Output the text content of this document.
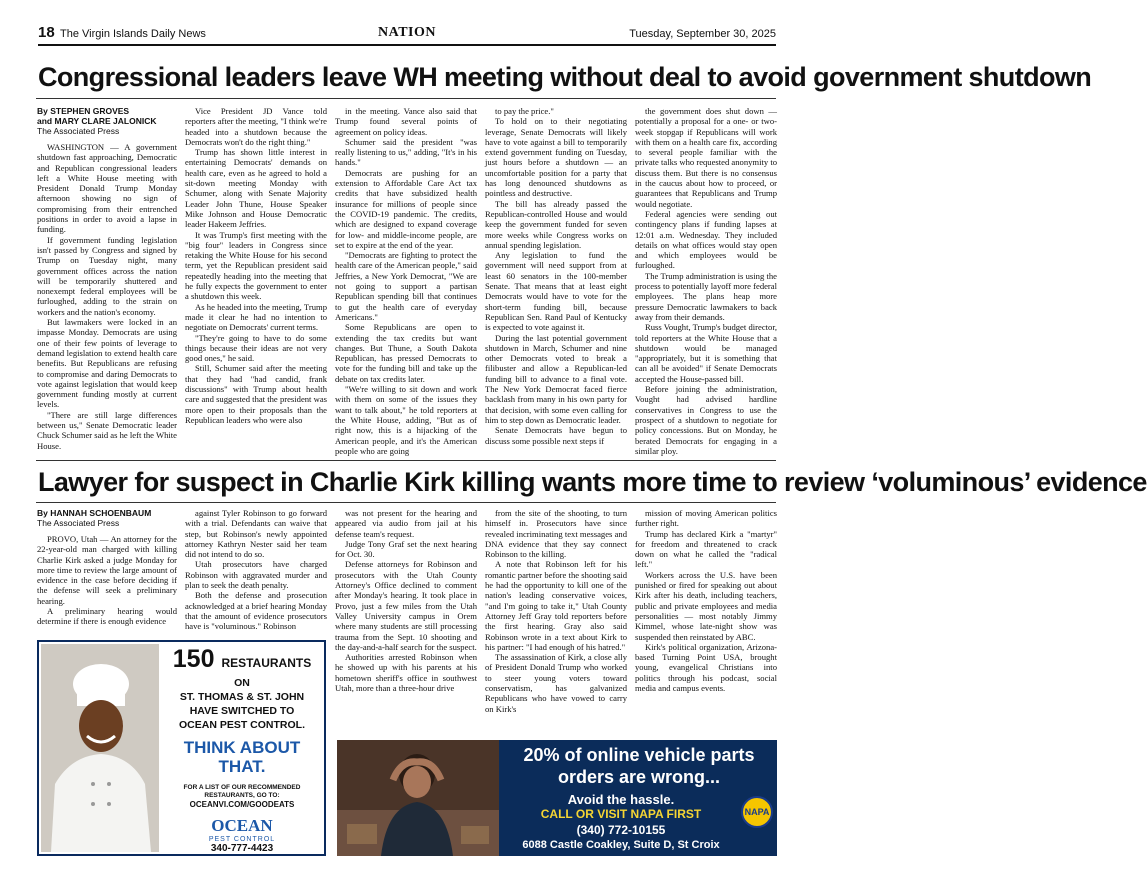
18 The Virgin Islands Daily News	NATION	Tuesday, September 30, 2025
Congressional leaders leave WH meeting without deal to avoid government shutdown
By STEPHEN GROVES
and MARY CLARE JALONICK
The Associated Press

WASHINGTON — A government shutdown fast approaching, Democratic and Republican congressional leaders left a White House meeting with President Donald Trump Monday afternoon showing no sign of compromising from their entrenched positions in order to avoid a lapse in funding.

If government funding legislation isn't passed by Congress and signed by Trump on Tuesday night, many government offices across the nation will be temporarily shuttered and nonexempt federal employees will be furloughed, adding to the strain on workers and the nation's economy.

But lawmakers were locked in an impasse Monday. Democrats are using one of their few points of leverage to demand legislation to extend health care benefits. But Republicans are refusing to compromise and daring Democrats to vote against legislation that would keep government funding mostly at current levels.

"There are still large differences between us," Senate Democratic leader Chuck Schumer said as he left the White House.

Vice President JD Vance told reporters after the meeting, "I think we're headed into a shutdown because the Democrats won't do the right thing."

Trump has shown little interest in entertaining Democrats' demands on health care, even as he agreed to hold a sit-down meeting Monday with Schumer, along with Senate Majority Leader John Thune, House Speaker Mike Johnson and House Democratic leader Hakeem Jeffries.

It was Trump's first meeting with the "big four" leaders in Congress since retaking the White House for his second term, yet the Republican president said repeatedly heading into the meeting that he fully expects the government to enter a shutdown this week.

As he headed into the meeting, Trump made it clear he had no intention to negotiate on Democrats' current terms.

"They're going to have to do some things because their ideas are not very good ones," he said.

Still, Schumer said after the meeting that they had "had candid, frank discussions" with Trump about health care and suggested that the president was more open to their proposals than the Republican leaders who were also

in the meeting. Vance also said that Trump found several points of agreement on policy ideas.

Schumer said the president "was really listening to us," adding, "It's in his hands."

Democrats are pushing for an extension to Affordable Care Act tax credits that have subsidized health insurance for millions of people since the COVID-19 pandemic. The credits, which are designed to expand coverage for low- and middle-income people, are set to expire at the end of the year.

"Democrats are fighting to protect the health care of the American people," said Jeffries, a New York Democrat, "We are not going to support a partisan Republican spending bill that continues to gut the health care of everyday Americans."

Some Republicans are open to extending the tax credits but want changes. But Thune, a South Dakota Republican, has pressed Democrats to vote for the funding bill and take up the debate on tax credits later.

"We're willing to sit down and work with them on some of the issues they want to talk about," he told reporters at the White House, adding, "But as of right now, this is a hijacking of the American people, and it's the American people who are going

to pay the price."

To hold on to their negotiating leverage, Senate Democrats will likely have to vote against a bill to temporarily extend government funding on Tuesday, just hours before a shutdown — an uncomfortable position for a party that has long denounced shutdowns as pointless and destructive.

The bill has already passed the Republican-controlled House and would keep the government funded for seven more weeks while Congress works on annual spending legislation.

Any legislation to fund the government will need support from at least 60 senators in the 100-member Senate. That means that at least eight Democrats would have to vote for the short-term funding bill, because Republican Sen. Rand Paul of Kentucky is expected to vote against it.

During the last potential government shutdown in March, Schumer and nine other Democrats voted to break a filibuster and allow a Republican-led funding bill to advance to a final vote. The New York Democrat faced fierce backlash from many in his own party for that decision, with some even calling for him to step down as Democratic leader.

Senate Democrats have begun to discuss some possible next steps if

the government does shut down — potentially a proposal for a one- or two-week stopgap if Republicans will work with them on a health care fix, according to several people familiar with the private talks who requested anonymity to discuss them. But there is no consensus in the caucus about how to proceed, or guarantees that Republicans and Trump would negotiate.

Federal agencies were sending out contingency plans if funding lapses at 12:01 a.m. Wednesday. They included details on what offices would stay open and which employees would be furloughed.

The Trump administration is using the process to potentially layoff more federal employees. The plans heap more pressure Democratic lawmakers to back away from their demands.

Russ Vought, Trump's budget director, told reporters at the White House that a shutdown would be managed "appropriately, but it is something that can all be avoided" if Senate Democrats accepted the House-passed bill.

Before joining the administration, Vought had advised hardline conservatives in Congress to use the prospect of a shutdown to negotiate for policy concessions. But on Monday, he berated Democrats for engaging in a similar ploy.

Lawyer for suspect in Charlie Kirk killing wants more time to review ‘voluminous’ evidence
By HANNAH SCHOENBAUM
The Associated Press

PROVO, Utah — An attorney for the 22-year-old man charged with killing Charlie Kirk asked a judge Monday for more time to review the large amount of evidence in the case before deciding if the defense will seek a preliminary hearing.

A preliminary hearing would determine if there is enough evidence

against Tyler Robinson to go forward with a trial. Defendants can waive that step, but Robinson's newly appointed attorney Kathryn Nester said her team did not intend to do so.

Utah prosecutors have charged Robinson with aggravated murder and plan to seek the death penalty.

Both the defense and prosecution acknowledged at a brief hearing Monday that the amount of evidence prosecutors have is "voluminous." Robinson

was not present for the hearing and appeared via audio from jail at his defense team's request.

Judge Tony Graf set the next hearing for Oct. 30.

Defense attorneys for Robinson and prosecutors with the Utah County Attorney's Office declined to comment after Monday's hearing. It took place in Provo, just a few miles from the Utah Valley University campus in Orem where many students are still processing trauma from the Sept. 10 shooting and the day-and-a-half search for the suspect.

Authorities arrested Robinson when he showed up with his parents at his hometown sheriff's office in southwest Utah, more than a three-hour drive

from the site of the shooting, to turn himself in. Prosecutors have since revealed incriminating text messages and DNA evidence that they say connect Robinson to the killing.

A note that Robinson left for his romantic partner before the shooting said he had the opportunity to kill one of the nation's leading conservative voices, "and I'm going to take it," Utah County Attorney Jeff Gray told reporters before the first hearing. Gray also said Robinson wrote in a text about Kirk to his partner: "I had enough of his hatred."

The assassination of Kirk, a close ally of President Donald Trump who worked to steer young voters toward conservatism, has galvanized Republicans who have vowed to carry on Kirk's

mission of moving American politics further right.

Trump has declared Kirk a "martyr" for freedom and threatened to crack down on what he called the "radical left."

Workers across the U.S. have been punished or fired for speaking out about Kirk after his death, including teachers, public and private employees and media personalities — most notably Jimmy Kimmel, whose late-night show was suspended then reinstated by ABC.

Kirk's political organization, Arizona-based Turning Point USA, brought young, evangelical Christians into politics through his podcast, social media and campus events.

150 RESTAURANTS
ON
ST. THOMAS & ST. JOHN
HAVE SWITCHED TO
OCEAN PEST CONTROL.
THINK ABOUT
THAT.
FOR A LIST OF OUR RECOMMENDED RESTAURANTS, GO TO:
OCEANVI.COM/GOODEATS
OCEAN
PEST CONTROL
340-777-4423
20% of online vehicle parts
orders are wrong...
Avoid the hassle.
CALL OR VISIT NAPA FIRST
(340) 772-10155
6088 Castle Coakley, Suite D, St Croix
NAPA
